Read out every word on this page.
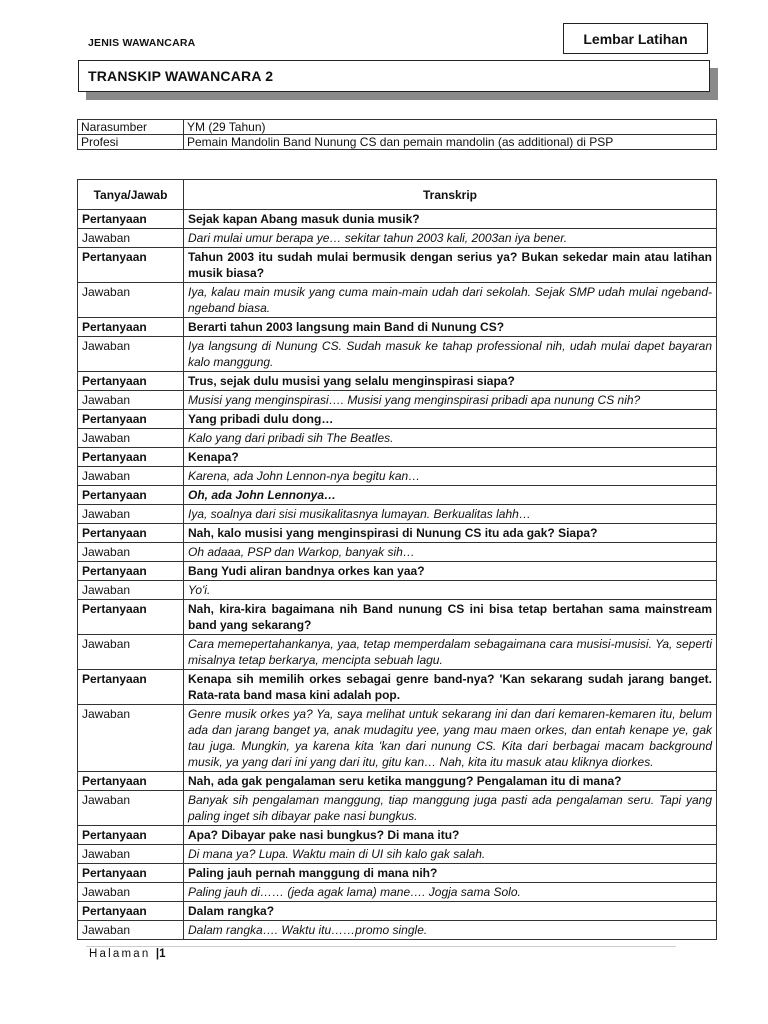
JENIS WAWANCARA	Lembar Latihan
TRANSKIP WAWANCARA 2
Narasumber	YM (29 Tahun)
Profesi	Pemain Mandolin Band Nunung CS dan pemain mandolin (as additional) di PSP
Tanya/Jawab	Transkrip
Pertanyaan	Sejak kapan Abang masuk dunia musik?
Jawaban	Dari mulai umur berapa ye… sekitar tahun 2003 kali, 2003an iya bener.
Pertanyaan	Tahun 2003 itu sudah mulai bermusik dengan serius ya? Bukan sekedar main atau latihan musik biasa?
Jawaban	Iya, kalau main musik yang cuma main-main udah dari sekolah. Sejak SMP udah mulai ngeband-ngeband biasa.
Pertanyaan	Berarti tahun 2003 langsung main Band di Nunung CS?
Jawaban	Iya langsung di Nunung CS. Sudah masuk ke tahap professional nih, udah mulai dapet bayaran kalo manggung.
Pertanyaan	Trus, sejak dulu musisi yang selalu menginspirasi siapa?
Jawaban	Musisi yang menginspirasi…. Musisi yang menginspirasi pribadi apa nunung CS nih?
Pertanyaan	Yang pribadi dulu dong…
Jawaban	Kalo yang dari pribadi sih The Beatles.
Pertanyaan	Kenapa?
Jawaban	Karena, ada John Lennon-nya begitu kan…
Pertanyaan	Oh, ada John Lennonya…
Jawaban	Iya, soalnya dari sisi musikalitasnya lumayan. Berkualitas lahh…
Pertanyaan	Nah, kalo musisi yang menginspirasi di Nunung CS itu ada gak? Siapa?
Jawaban	Oh adaaa, PSP dan Warkop, banyak sih…
Pertanyaan	Bang Yudi aliran bandnya orkes kan yaa?
Jawaban	Yo'i.
Pertanyaan	Nah, kira-kira bagaimana nih Band nunung CS ini bisa tetap bertahan sama mainstream band yang sekarang?
Jawaban	Cara memepertahankanya, yaa, tetap memperdalam sebagaimana cara musisi-musisi. Ya, seperti misalnya tetap berkarya, mencipta sebuah lagu.
Pertanyaan	Kenapa sih memilih orkes sebagai genre band-nya? 'Kan sekarang sudah jarang banget. Rata-rata band masa kini adalah pop.
Jawaban	Genre musik orkes ya? Ya, saya melihat untuk sekarang ini dan dari kemaren-kemaren itu, belum ada dan jarang banget ya, anak mudagitu yee, yang mau maen orkes, dan entah kenape ye, gak tau juga. Mungkin, ya karena kita 'kan dari nunung CS. Kita dari berbagai macam background musik, ya yang dari ini yang dari itu, gitu kan… Nah, kita itu masuk atau kliknya diorkes.
Pertanyaan	Nah, ada gak pengalaman seru ketika manggung? Pengalaman itu di mana?
Jawaban	Banyak sih pengalaman manggung, tiap manggung juga pasti ada pengalaman seru. Tapi yang paling inget sih dibayar pake nasi bungkus.
Pertanyaan	Apa? Dibayar pake nasi bungkus? Di mana itu?
Jawaban	Di mana ya? Lupa. Waktu main di UI sih kalo gak salah.
Pertanyaan	Paling jauh pernah manggung di mana nih?
Jawaban	Paling jauh di…… (jeda agak lama) mane…. Jogja sama Solo.
Pertanyaan	Dalam rangka?
Jawaban	Dalam rangka…. Waktu itu……promo single.
Halaman |1
